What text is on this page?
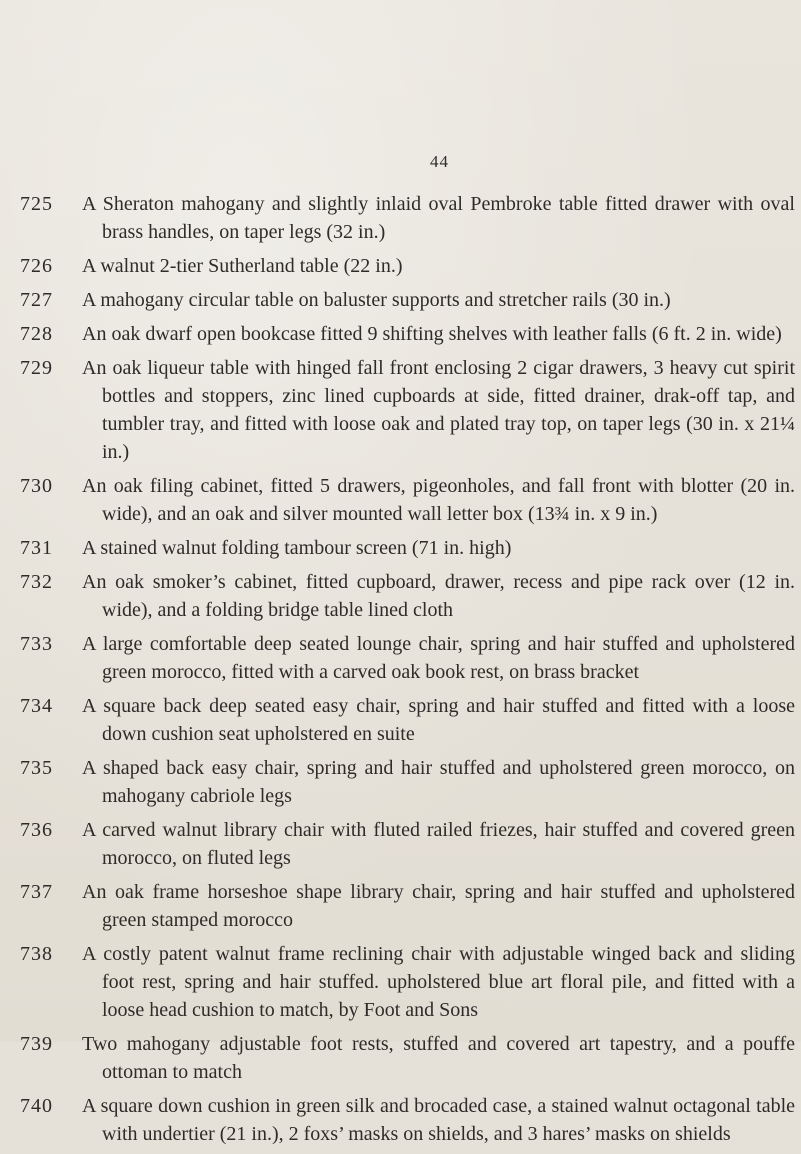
44
725	A Sheraton mahogany and slightly inlaid oval Pembroke table fitted drawer with oval brass handles, on taper legs (32 in.)
726	A walnut 2-tier Sutherland table (22 in.)
727	A mahogany circular table on baluster supports and stretcher rails (30 in.)
728	An oak dwarf open bookcase fitted 9 shifting shelves with leather falls (6 ft. 2 in. wide)
729	An oak liqueur table with hinged fall front enclosing 2 cigar drawers, 3 heavy cut spirit bottles and stoppers, zinc lined cupboards at side, fitted drainer, drak-off tap, and tumbler tray, and fitted with loose oak and plated tray top, on taper legs (30 in. x 21¼ in.)
730	An oak filing cabinet, fitted 5 drawers, pigeonholes, and fall front with blotter (20 in. wide), and an oak and silver mounted wall letter box (13¾ in. x 9 in.)
731	A stained walnut folding tambour screen (71 in. high)
732	An oak smoker’s cabinet, fitted cupboard, drawer, recess and pipe rack over (12 in. wide), and a folding bridge table lined cloth
733	A large comfortable deep seated lounge chair, spring and hair stuffed and upholstered green morocco, fitted with a carved oak book rest, on brass bracket
734	A square back deep seated easy chair, spring and hair stuffed and fitted with a loose down cushion seat upholstered en suite
735	A shaped back easy chair, spring and hair stuffed and upholstered green morocco, on mahogany cabriole legs
736	A carved walnut library chair with fluted railed friezes, hair stuffed and covered green morocco, on fluted legs
737	An oak frame horseshoe shape library chair, spring and hair stuffed and upholstered green stamped morocco
738	A costly patent walnut frame reclining chair with adjustable winged back and sliding foot rest, spring and hair stuffed. upholstered blue art floral pile, and fitted with a loose head cushion to match, by Foot and Sons
739	Two mahogany adjustable foot rests, stuffed and covered art tapestry, and a pouffe ottoman to match
740	A square down cushion in green silk and brocaded case, a stained walnut octagonal table with undertier (21 in.), 2 foxs’ masks on shields, and 3 hares’ masks on shields
